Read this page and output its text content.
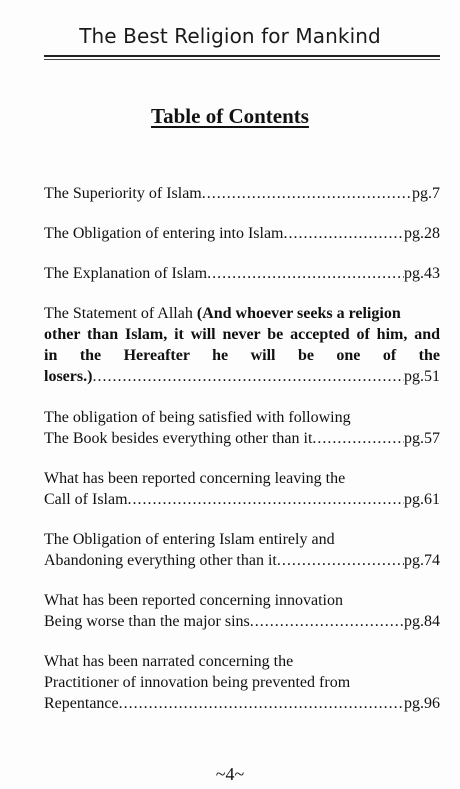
The Best Religion for Mankind
Table of Contents
The Superiority of Islam .....	pg.7
The Obligation of entering into Islam .....	pg.28
The Explanation of Islam .....	pg.43
The Statement of Allah (And whoever seeks a religion
other than Islam, it will never be accepted of him, and
in the Hereafter he will be one of the
losers.) .....	pg.51
The obligation of being satisfied with following
The Book besides everything other than it .....	pg.57
What has been reported concerning leaving the
Call of Islam .....	pg.61
The Obligation of entering Islam entirely and
Abandoning everything other than it .....	pg.74
What has been reported concerning innovation
Being worse than the major sins .....	pg.84
What has been narrated concerning the
Practitioner of innovation being prevented from
Repentance .....	pg.96
~4~
